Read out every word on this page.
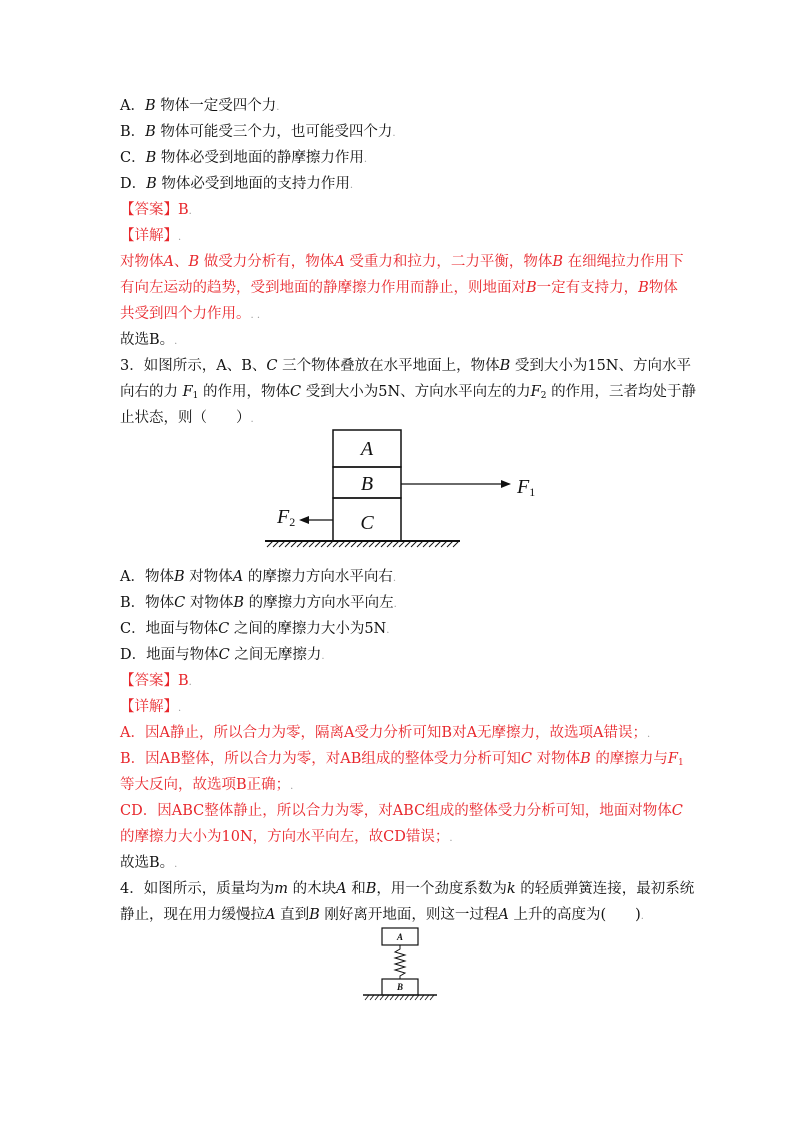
A．B 物体一定受四个力.
B．B 物体可能受三个力，也可能受四个力.
C．B 物体必受到地面的静摩擦力作用.
D．B 物体必受到地面的支持力作用.
【答案】B.
【详解】.
对物体A、B 做受力分析有，物体A 受重力和拉力，二力平衡，物体B 在细绳拉力作用下
有向左运动的趋势，受到地面的静摩擦力作用而静止，则地面对B一定有支持力，B物体
共受到四个力作用。. .
故选B。.
3．如图所示，A、B、C 三个物体叠放在水平地面上，物体B 受到大小为15N、方向水平
向右的力 $F_1$ 的作用，物体C 受到大小为5N、方向水平向左的力$F_2$ 的作用，三者均处于静
止状态，则（　　）.
A
B
C
F1
F2
A．物体B 对物体A 的摩擦力方向水平向右.
B．物体C 对物体B 的摩擦力方向水平向左.
C．地面与物体C 之间的摩擦力大小为5N.
D．地面与物体C 之间无摩擦力.
【答案】B.
【详解】.
A．因A静止，所以合力为零，隔离A受力分析可知B对A无摩擦力，故选项A错误；.
B．因AB整体，所以合力为零，对AB组成的整体受力分析可知C 对物体B 的摩擦力与$F_1$
等大反向，故选项B正确；.
CD．因ABC整体静止，所以合力为零，对ABC组成的整体受力分析可知，地面对物体C
的摩擦力大小为10N，方向水平向左，故CD错误；.
故选B。.
4．如图所示，质量均为m 的木块A 和B，用一个劲度系数为k 的轻质弹簧连接，最初系统
静止，现在用力缓慢拉A 直到B 刚好离开地面，则这一过程A 上升的高度为(　　).
A
B
